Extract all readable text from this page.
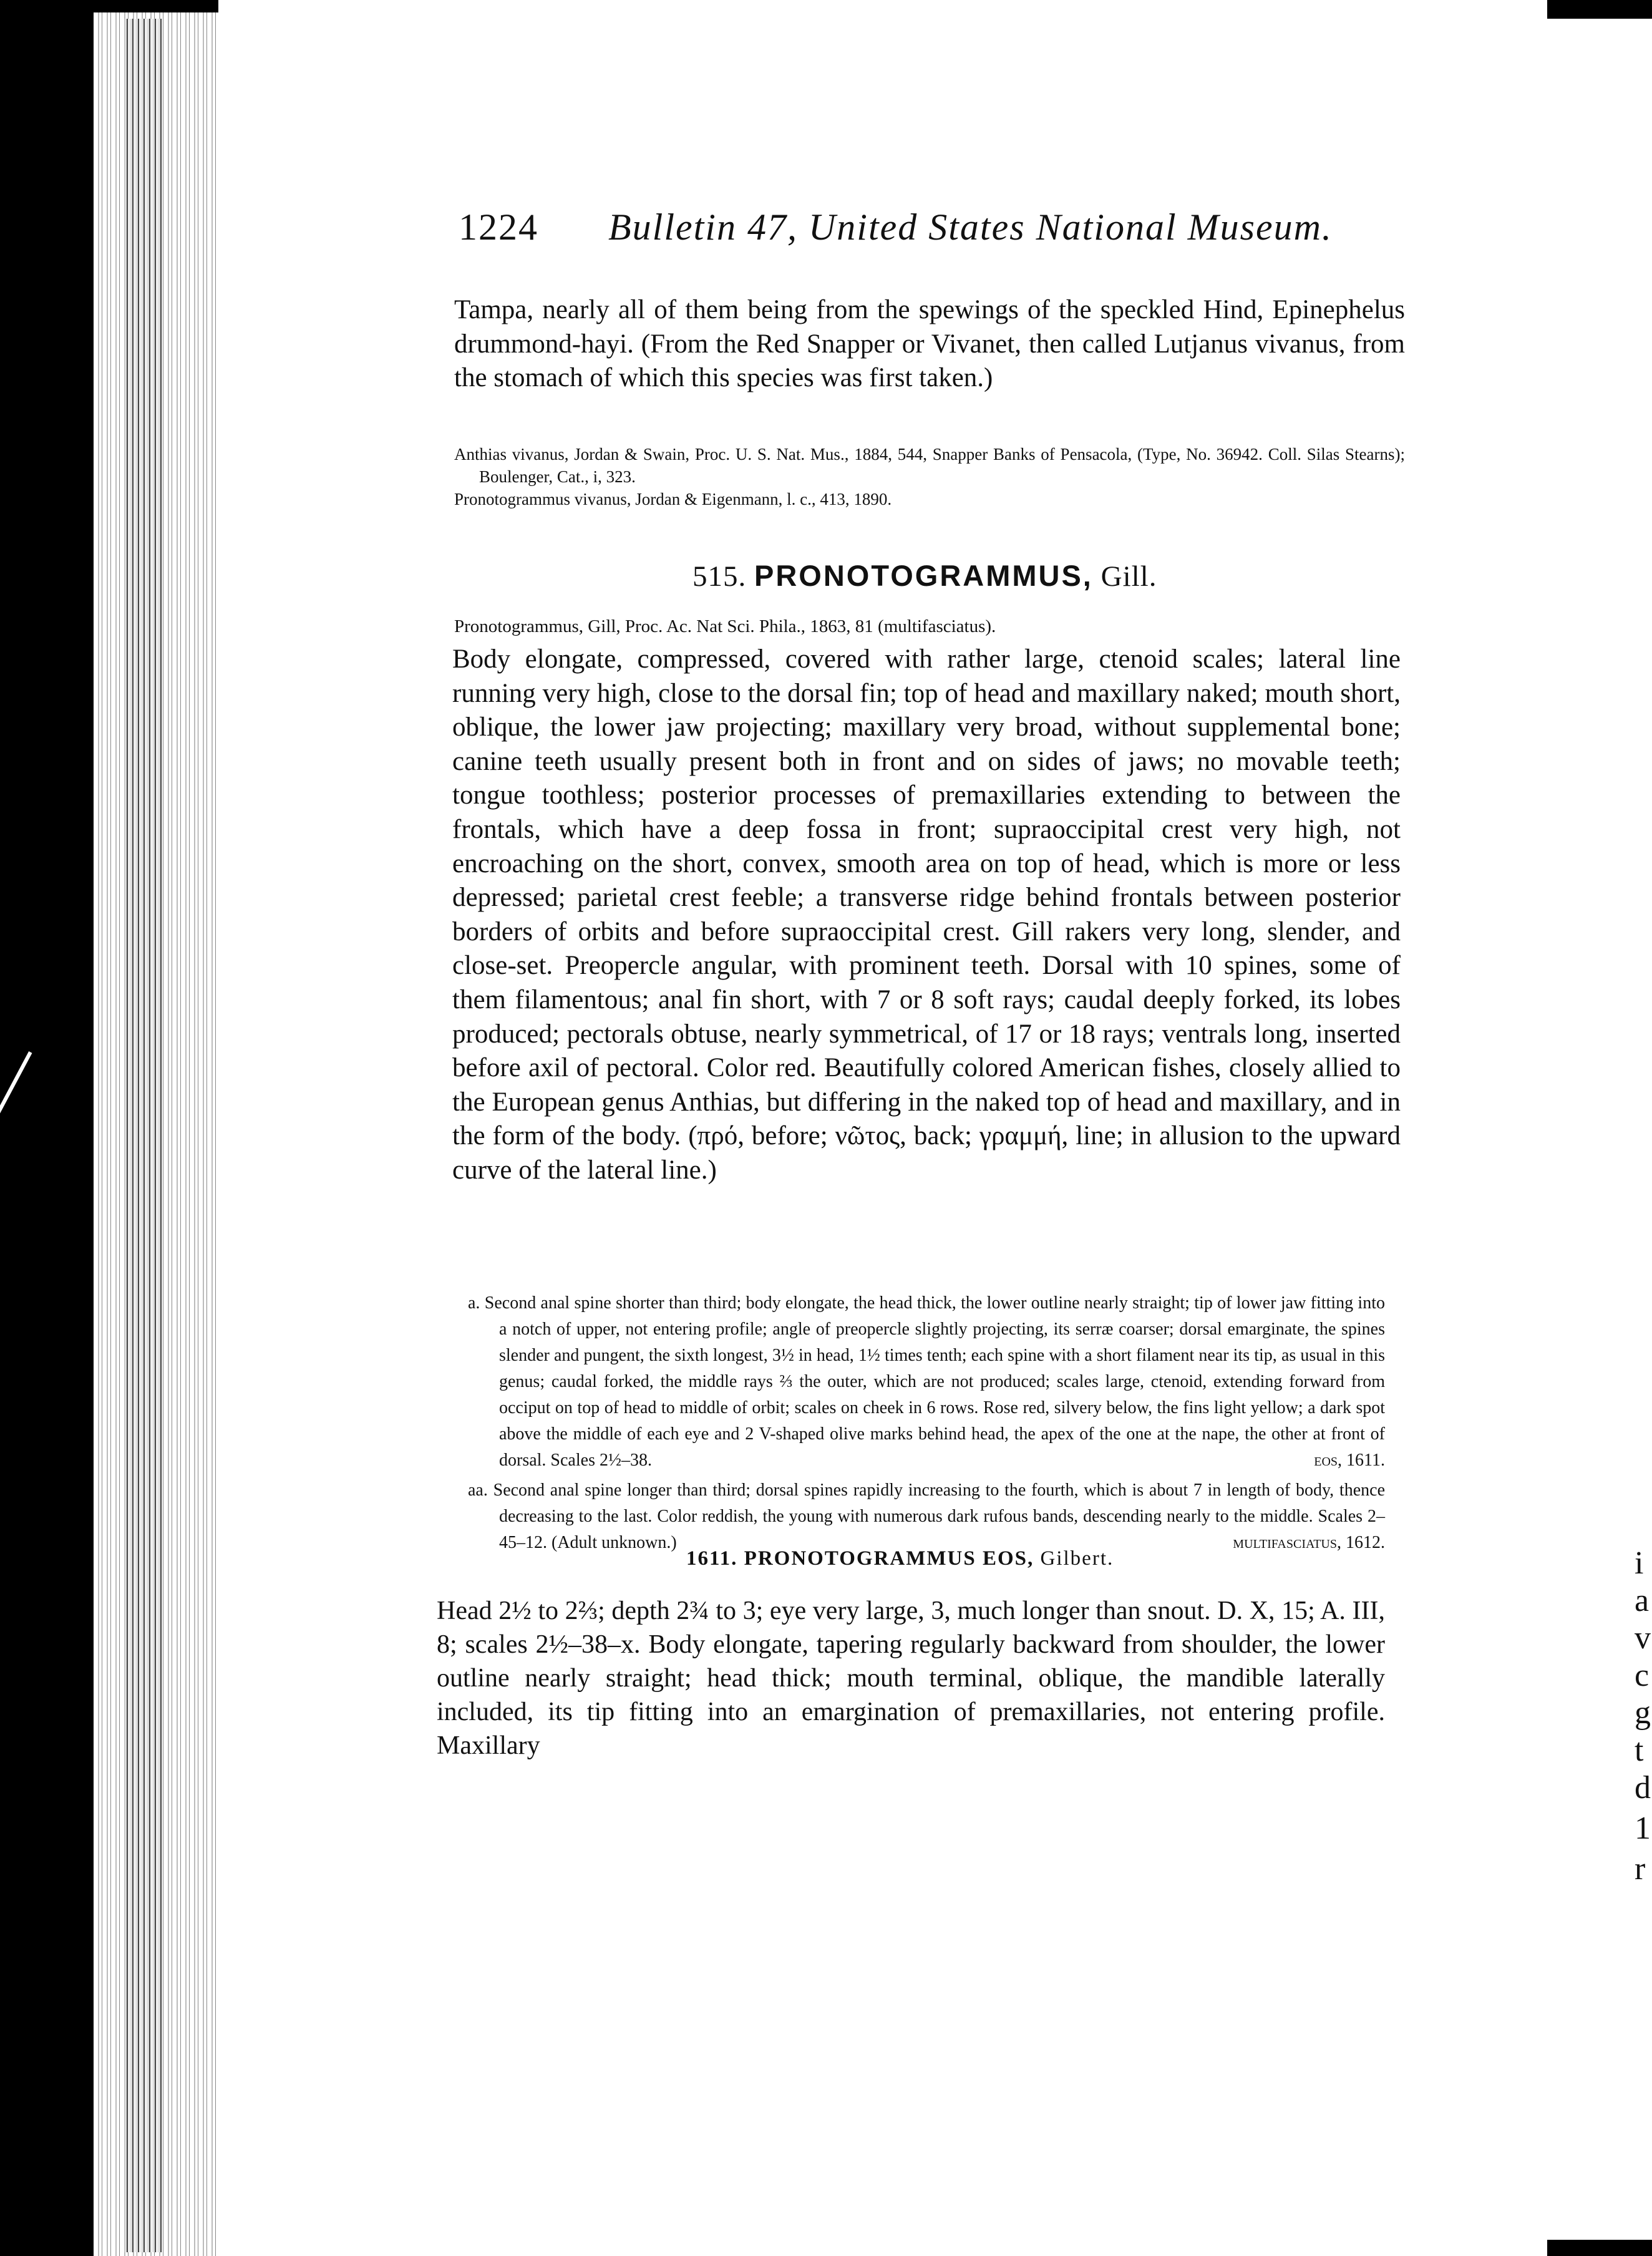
i
a
v
c
g
t
d
1
r
1224 Bulletin 47, United States National Museum.

Tampa, nearly all of them being from the spewings of the speckled Hind, Epinephelus drummond-hayi. (From the Red Snapper or Vivanet, then called Lutjanus vivanus, from the stomach of which this species was first taken.)

Anthias vivanus, Jordan & Swain, Proc. U. S. Nat. Mus., 1884, 544, Snapper Banks of Pensacola, (Type, No. 36942. Coll. Silas Stearns); Boulenger, Cat., i, 323.

Pronotogrammus vivanus, Jordan & Eigenmann, l. c., 413, 1890.

515. PRONOTOGRAMMUS, Gill.

Pronotogrammus, Gill, Proc. Ac. Nat Sci. Phila., 1863, 81 (multifasciatus).

Body elongate, compressed, covered with rather large, ctenoid scales; lateral line running very high, close to the dorsal fin; top of head and maxillary naked; mouth short, oblique, the lower jaw projecting; maxillary very broad, without supplemental bone; canine teeth usually present both in front and on sides of jaws; no movable teeth; tongue toothless; posterior processes of premaxillaries extending to between the frontals, which have a deep fossa in front; supraoccipital crest very high, not encroaching on the short, convex, smooth area on top of head, which is more or less depressed; parietal crest feeble; a transverse ridge behind frontals between posterior borders of orbits and before supraoccipital crest. Gill rakers very long, slender, and close-set. Preopercle angular, with prominent teeth. Dorsal with 10 spines, some of them filamentous; anal fin short, with 7 or 8 soft rays; caudal deeply forked, its lobes produced; pectorals obtuse, nearly symmetrical, of 17 or 18 rays; ventrals long, inserted before axil of pectoral. Color red. Beautifully colored American fishes, closely allied to the European genus Anthias, but differing in the naked top of head and maxillary, and in the form of the body. (πρό, before; νῶτος, back; γραμμή, line; in allusion to the upward curve of the lateral line.)

a. Second anal spine shorter than third; body elongate, the head thick, the lower outline nearly straight; tip of lower jaw fitting into a notch of upper, not entering profile; angle of preopercle slightly projecting, its serræ coarser; dorsal emarginate, the spines slender and pungent, the sixth longest, 3½ in head, 1½ times tenth; each spine with a short filament near its tip, as usual in this genus; caudal forked, the middle rays ⅔ the outer, which are not produced; scales large, ctenoid, extending forward from occiput on top of head to middle of orbit; scales on cheek in 6 rows. Rose red, silvery below, the fins light yellow; a dark spot above the middle of each eye and 2 V-shaped olive marks behind head, the apex of the one at the nape, the other at front of dorsal. Scales 2½–38.	eos, 1611.

aa. Second anal spine longer than third; dorsal spines rapidly increasing to the fourth, which is about 7 in length of body, thence decreasing to the last. Color reddish, the young with numerous dark rufous bands, descending nearly to the middle. Scales 2–45–12. (Adult unknown.)	multifasciatus, 1612.

1611. PRONOTOGRAMMUS EOS, Gilbert.

Head 2½ to 2⅔; depth 2¾ to 3; eye very large, 3, much longer than snout. D. X, 15; A. III, 8; scales 2½–38–x. Body elongate, tapering regularly backward from shoulder, the lower outline nearly straight; head thick; mouth terminal, oblique, the mandible laterally included, its tip fitting into an emargination of premaxillaries, not entering profile. Maxillary
